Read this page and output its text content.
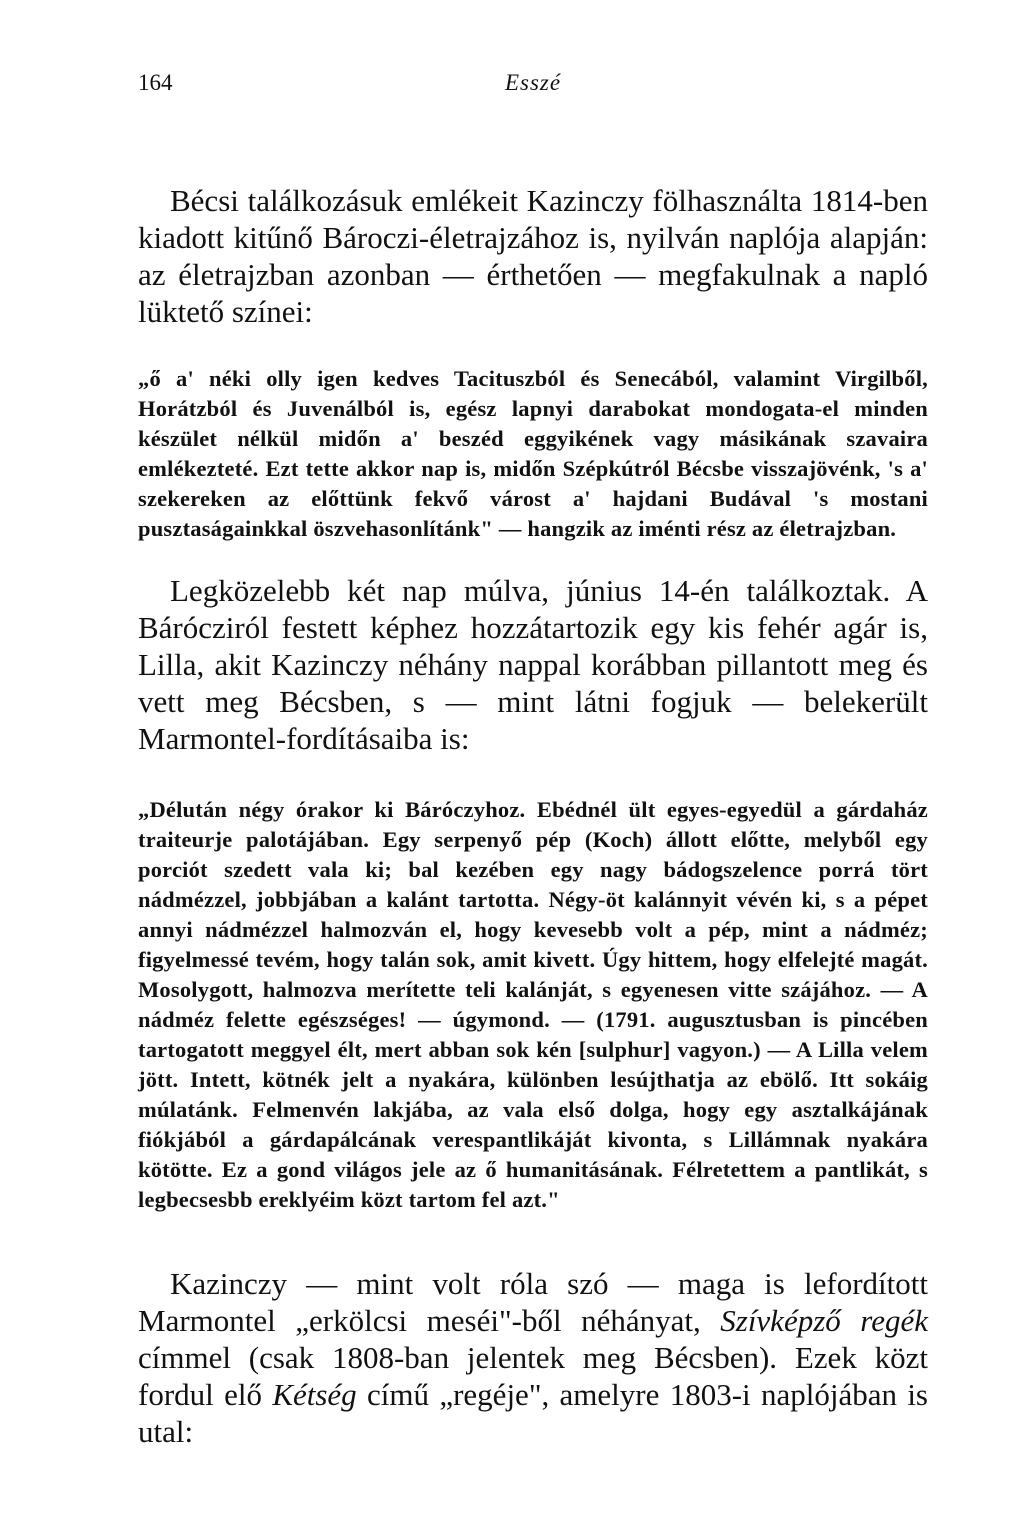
164	Esszé

Bécsi találkozásuk emlékeit Kazinczy fölhasználta 1814-ben kiadott kitűnő Bároczi-életrajzához is, nyilván naplója alapján: az életrajzban azonban — érthetően — megfakulnak a napló lüktető színei:

„ő a' néki olly igen kedves Tacituszból és Senecából, valamint Virgilből, Horátzból és Juvenálból is, egész lapnyi darabokat mondogata-el minden készület nélkül midőn a' beszéd eggyikének vagy másikának szavaira emlékezteté. Ezt tette akkor nap is, midőn Szépkútról Bécsbe visszajövénk, 's a' szekereken az előttünk fekvő várost a' hajdani Budával 's mostani pusztaságainkkal öszvehasonlítánk" — hangzik az iménti rész az életrajzban.

Legközelebb két nap múlva, június 14-én találkoztak. A Bárócziról festett képhez hozzátartozik egy kis fehér agár is, Lilla, akit Kazinczy néhány nappal korábban pillantott meg és vett meg Bécsben, s — mint látni fogjuk — belekerült Marmontel-fordításaiba is:

„Délután négy órakor ki Báróczyhoz. Ebédnél ült egyes-egyedül a gárdaház traiteurje palotájában. Egy serpenyő pép (Koch) állott előtte, melyből egy porciót szedett vala ki; bal kezében egy nagy bádogszelence porrá tört nádmézzel, jobbjában a kalánt tartotta. Négy-öt kalánnyit vévén ki, s a pépet annyi nádmézzel halmozván el, hogy kevesebb volt a pép, mint a nádméz; figyelmessé tevém, hogy talán sok, amit kivett. Úgy hittem, hogy elfelejté magát. Mosolygott, halmozva merítette teli kalánját, s egyenesen vitte szájához. — A nádméz felette egészséges! — úgymond. — (1791. augusztusban is pincében tartogatott meggyel élt, mert abban sok kén [sulphur] vagyon.) — A Lilla velem jött. Intett, kötnék jelt a nyakára, különben lesújthatja az ebölő. Itt sokáig múlatánk. Felmenvén lakjába, az vala első dolga, hogy egy asztalkájának fiókjából a gárdapálcának verespantlikáját kivonta, s Lillámnak nyakára kötötte. Ez a gond világos jele az ő humanitásának. Félretettem a pantlikát, s legbecsesbb ereklyéim közt tartom fel azt."

Kazinczy — mint volt róla szó — maga is lefordított Marmontel „erkölcsi meséi"-ből néhányat, Szívképző regék címmel (csak 1808-ban jelentek meg Bécsben). Ezek közt fordul elő Kétség című „regéje", amelyre 1803-i naplójában is utal:
